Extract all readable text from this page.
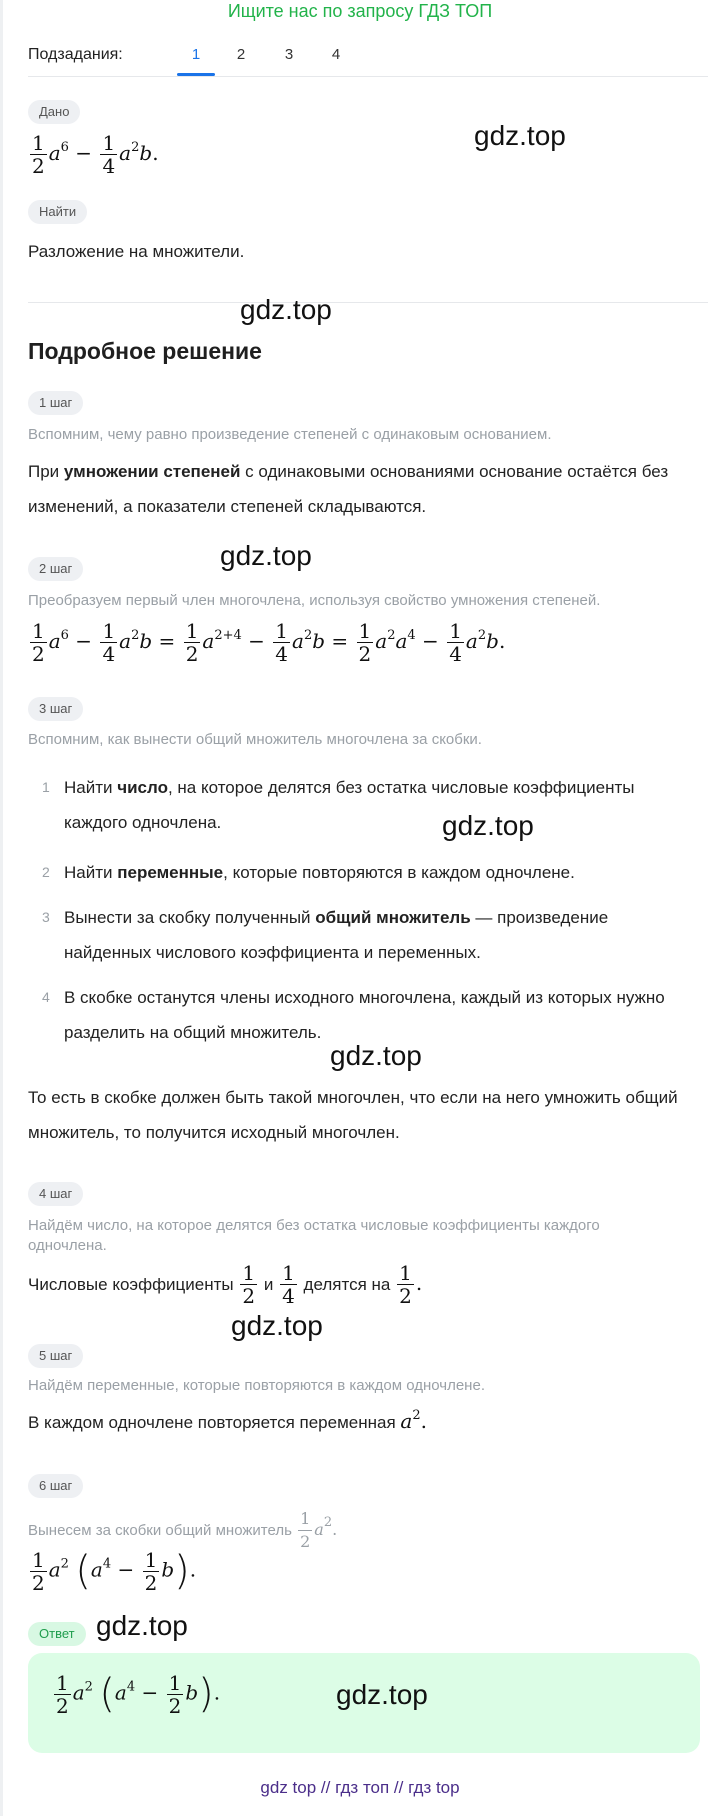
Ищите нас по запросу ГДЗ ТОП
Подзадания:	1	2	3	4
Дано
$\frac{1}{2} a^6 - \frac{1}{4} a^2b$.
gdz.top
Найти
Разложение на множители.
gdz.top
Подробное решение
1 шаг
Вспомним, чему равно произведение степеней с одинаковым основанием.
При умножении степеней с одинаковыми основаниями основание остаётся без изменений, а показатели степеней складываются.
2 шаг	gdz.top
Преобразуем первый член многочлена, используя свойство умножения степеней.
$\frac{1}{2} a^6 - \frac{1}{4} a^2b = \frac{1}{2} a^{2+4} - \frac{1}{4} a^2b = \frac{1}{2} a^2a^4 - \frac{1}{4} a^2b$.
3 шаг
Вспомним, как вынести общий множитель многочлена за скобки.
1 Найти число, на которое делятся без остатка числовые коэффициенты каждого одночлена.	gdz.top
2 Найти переменные, которые повторяются в каждом одночлене.
3 Вынести за скобку полученный общий множитель — произведение найденных числового коэффициента и переменных.
4 В скобке останутся члены исходного многочлена, каждый из которых нужно разделить на общий множитель.
gdz.top
То есть в скобке должен быть такой многочлен, что если на него умножить общий множитель, то получится исходный многочлен.
4 шаг
Найдём число, на которое делятся без остатка числовые коэффициенты каждого одночлена.
Числовые коэффициенты $\frac{1}{2}$ и $\frac{1}{4}$ делятся на $\frac{1}{2}$ .
gdz.top
5 шаг
Найдём переменные, которые повторяются в каждом одночлене.
В каждом одночлене повторяется переменная $a^2$.
6 шаг
Вынесем за скобки общий множитель $\frac{1}{2} a^2$.
$\frac{1}{2} a^2$ $(a^4 - \frac{1}{2} b)$.
Ответ gdz.top
$\frac{1}{2} a^2$ $(a^4 - \frac{1}{2} b)$.	gdz.top
gdz top // гдз топ // гдз top
